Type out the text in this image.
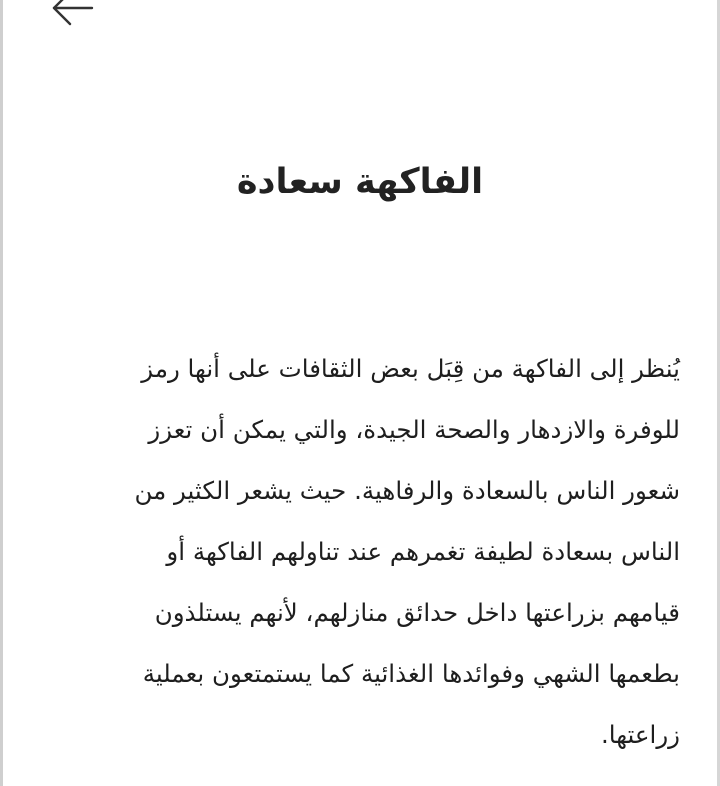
الفاكهة سعادة

يُنظر إلى الفاكهة من قِبَل بعض الثقافات على أنها رمز
للوفرة والازدهار والصحة الجيدة، والتي يمكن أن تعزز
شعور الناس بالسعادة والرفاهية. حيث يشعر الكثير من
الناس بسعادة لطيفة تغمرهم عند تناولهم الفاكهة أو
قيامهم بزراعتها داخل حدائق منازلهم، لأنهم يستلذون
بطعمها الشهي وفوائدها الغذائية كما يستمتعون بعملية
زراعتها.
